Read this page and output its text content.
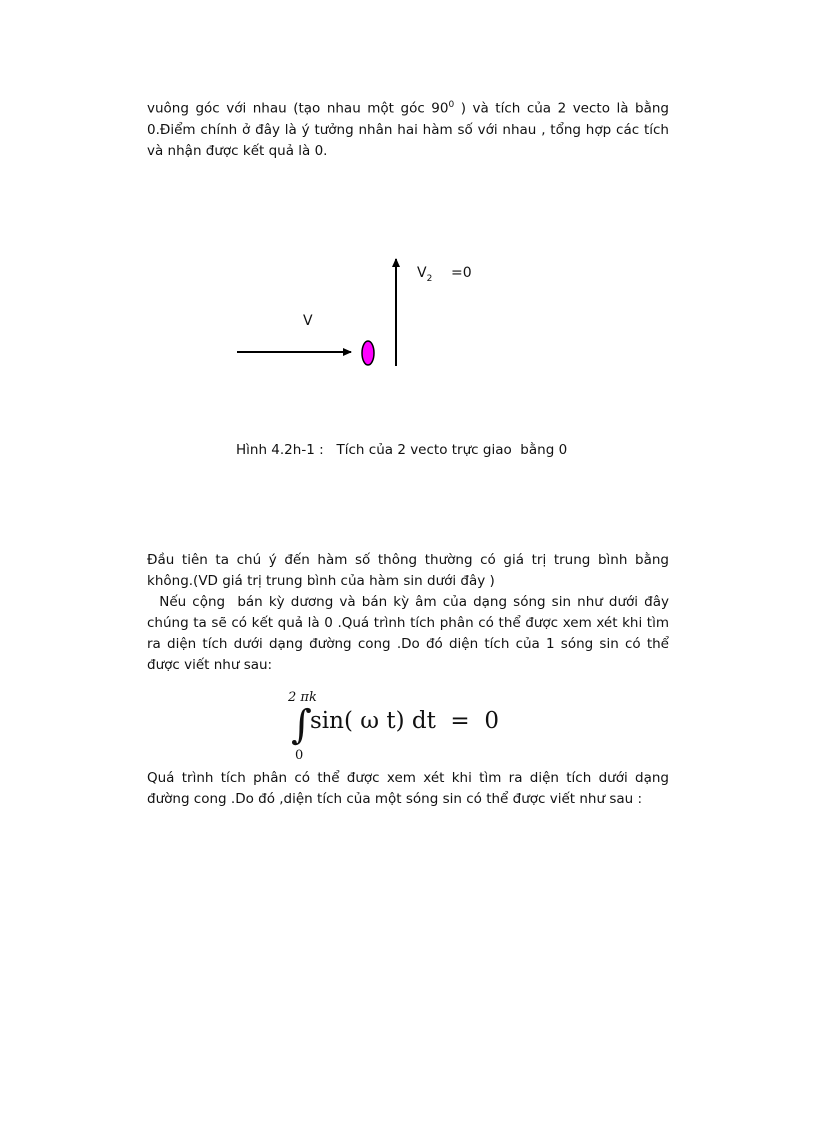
vuông góc với nhau (tạo nhau một góc $90^0$ ) và tích của 2 vecto là bằng 0.Điểm chính ở đây là ý tưởng nhân hai hàm số với nhau , tổng hợp các tích và nhận được kết quả là 0.

V
$V_2 =0$
Hình 4.2h-1 :   Tích của 2 vecto trực giao  bằng 0
Đầu tiên ta chú ý đến hàm số thông thường có giá trị trung bình bằng
không.(VD giá trị trung bình của hàm sin dưới đây )
Nếu cộng  bán kỳ dương và bán kỳ âm của dạng sóng sin như dưới đây chúng ta sẽ có kết quả là 0 .Quá trình tích phân có thể được xem xét khi tìm ra diện tích dưới dạng đường cong .Do đó diện tích của 1 sóng sin có thể được viết như sau:
2 πk
∫
0
sin( ω t) dt  =  0

Quá trình tích phân có thể được xem xét khi tìm ra diện tích dưới dạng đường cong .Do đó ,diện tích của một sóng sin có thể được viết như sau :
